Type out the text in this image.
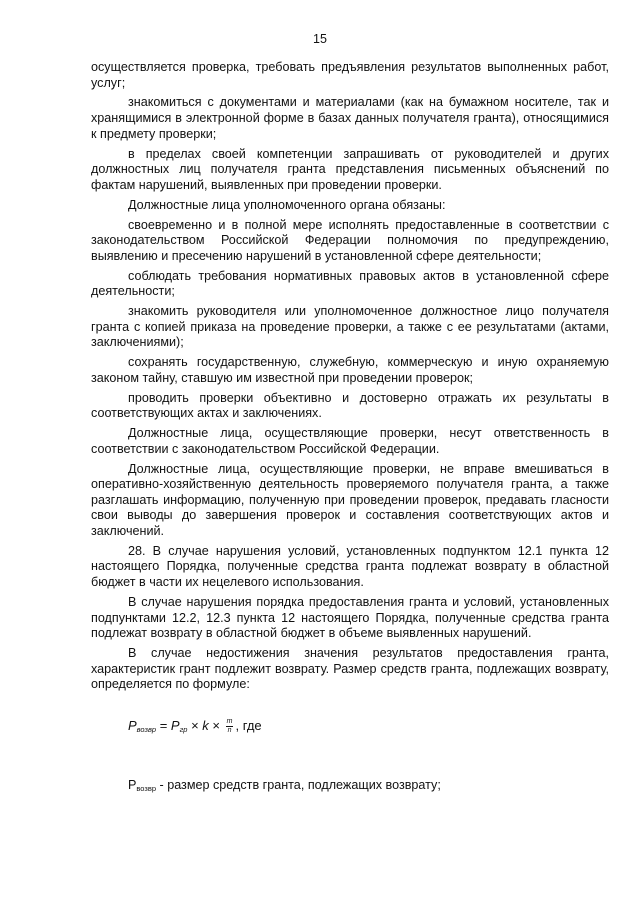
15

осуществляется проверка, требовать предъявления результатов выполненных работ, услуг;

знакомиться с документами и материалами (как на бумажном носителе, так и хранящимися в электронной форме в базах данных получателя гранта), относящимися к предмету проверки;

в пределах своей компетенции запрашивать от руководителей и других должностных лиц получателя гранта представления письменных объяснений по фактам нарушений, выявленных при проведении проверки.

Должностные лица уполномоченного органа обязаны:

своевременно и в полной мере исполнять предоставленные в соответствии с законодательством Российской Федерации полномочия по предупреждению, выявлению и пресечению нарушений в установленной сфере деятельности;

соблюдать требования нормативных правовых актов в установленной сфере деятельности;

знакомить руководителя или уполномоченное должностное лицо получателя гранта с копией приказа на проведение проверки, а также с ее результатами (актами, заключениями);

сохранять государственную, служебную, коммерческую и иную охраняемую законом тайну, ставшую им известной при проведении проверок;

проводить проверки объективно и достоверно отражать их результаты в соответствующих актах и заключениях.

Должностные лица, осуществляющие проверки, несут ответственность в соответствии с законодательством Российской Федерации.

Должностные лица, осуществляющие проверки, не вправе вмешиваться в оперативно-хозяйственную деятельность проверяемого получателя гранта, а также разглашать информацию, полученную при проведении проверок, предавать гласности свои выводы до завершения проверок и составления соответствующих актов и заключений.

28. В случае нарушения условий, установленных подпунктом 12.1 пункта 12 настоящего Порядка, полученные средства гранта подлежат возврату в областной бюджет в части их нецелевого использования.

В случае нарушения порядка предоставления гранта и условий, установленных подпунктами 12.2, 12.3 пункта 12 настоящего Порядка, полученные средства гранта подлежат возврату в областной бюджет в объеме выявленных нарушений.

В случае недостижения значения результатов предоставления гранта, характеристик грант подлежит возврату. Размер средств гранта, подлежащих возврату, определяется по формуле:

$P_{возвр} = P_{гр} \times k \times \frac{m}{n}$ , где
$P_{возвр}$ - размер средств гранта, подлежащих возврату;
